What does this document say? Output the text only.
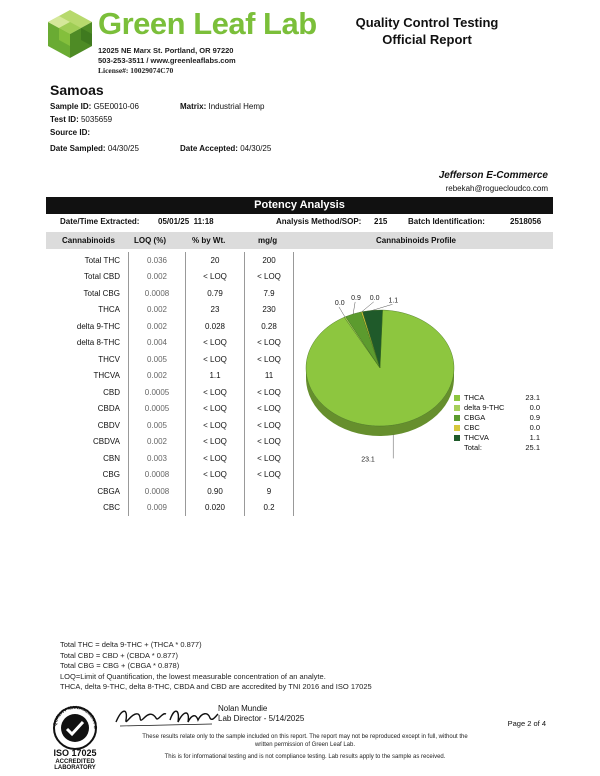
Green Leaf Lab
12025 NE Marx St. Portland, OR 97220
503-253-3511 / www.greenleaflabs.com
License#: 10029074C70
Quality Control Testing
Official Report
Samoas
Sample ID: G5E0010-06	Matrix: Industrial Hemp
Test ID: 5035659
Source ID:
Date Sampled: 04/30/25	Date Accepted: 04/30/25
Jefferson E-Commerce
rebekah@roguecloudco.com
Potency Analysis
Date/Time Extracted: 05/01/25  11:18	Analysis Method/SOP: 215	Batch Identification:	2518056
Cannabinoids LOQ (%)	% by Wt.	mg/g	Cannabinoids Profile
Total THC	0.036	20	200
Total CBD	0.002	< LOQ	< LOQ
Total CBG	0.0008	0.79	7.9
THCA	0.002	23	230
delta 9-THC	0.002	0.028	0.28
delta 8-THC	0.004	< LOQ	< LOQ
THCV	0.005	< LOQ	< LOQ
THCVA	0.002	1.1	11
CBD	0.0005	< LOQ	< LOQ
CBDA	0.0005	< LOQ	< LOQ
CBDV	0.005	< LOQ	< LOQ
CBDVA	0.002	< LOQ	< LOQ
CBN	0.003	< LOQ	< LOQ
CBG	0.0008	< LOQ	< LOQ
CBGA	0.0008	0.90	9
CBC	0.009	0.020	0.2
23.1
0.0
0.9 0.0 1.1
THCA	23.1
delta 9-THC	0.0
CBGA	0.9
CBC	0.0
THCVA	1.1
Total:	25.1
Total THC = delta 9-THC + (THCA * 0.877)
Total CBD = CBD + (CBDA * 0.877)
Total CBG = CBG + (CBGA * 0.878)
LOQ=Limit of Quantification, the lowest measurable concentration of an analyte.
THCA, delta 9-THC, delta 8-THC, CBDA and CBD are accredited by TNI 2016 and ISO 17025
QUALITY MANAGEMENT S
ISO 17025
ACCREDITED
LABORATORY
Nolan Mundie
Lab Director - 5/14/2025
These results relate only to the sample included on this report. The report may not be reproduced except in full, without the
written permission of Green Leaf Lab.
This is for informational testing and is not compliance testing. Lab results apply to the sample as received.
Page 2 of 4
